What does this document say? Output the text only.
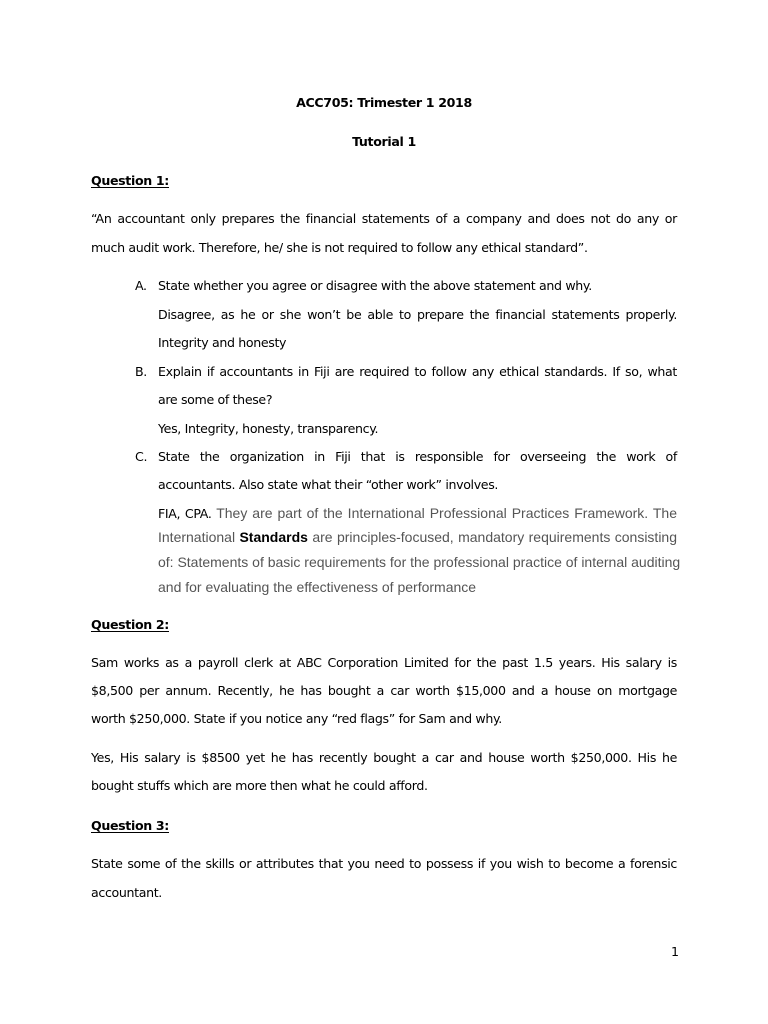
ACC705: Trimester 1 2018
Tutorial 1
Question 1:
“An accountant only prepares the financial statements of a company and does not do any or
much audit work. Therefore, he/ she is not required to follow any ethical standard”.
A. State whether you agree or disagree with the above statement and why.
Disagree, as he or she won’t be able to prepare the financial statements properly.
Integrity and honesty
B. Explain if accountants in Fiji are required to follow any ethical standards. If so, what
are some of these?
Yes, Integrity, honesty, transparency.
C. State the organization in Fiji that is responsible for overseeing the work of
accountants. Also state what their “other work” involves.
FIA, CPA. They are part of the International Professional Practices Framework. The
International Standards are principles-focused, mandatory requirements consisting
of: Statements of basic requirements for the professional practice of internal auditing
and for evaluating the effectiveness of performance
Question 2:
Sam works as a payroll clerk at ABC Corporation Limited for the past 1.5 years. His salary is
$8,500 per annum. Recently, he has bought a car worth $15,000 and a house on mortgage
worth $250,000. State if you notice any “red flags” for Sam and why.
Yes, His salary is $8500 yet he has recently bought a car and house worth $250,000. His he
bought stuffs which are more then what he could afford.
Question 3:
State some of the skills or attributes that you need to possess if you wish to become a forensic
accountant.
1
